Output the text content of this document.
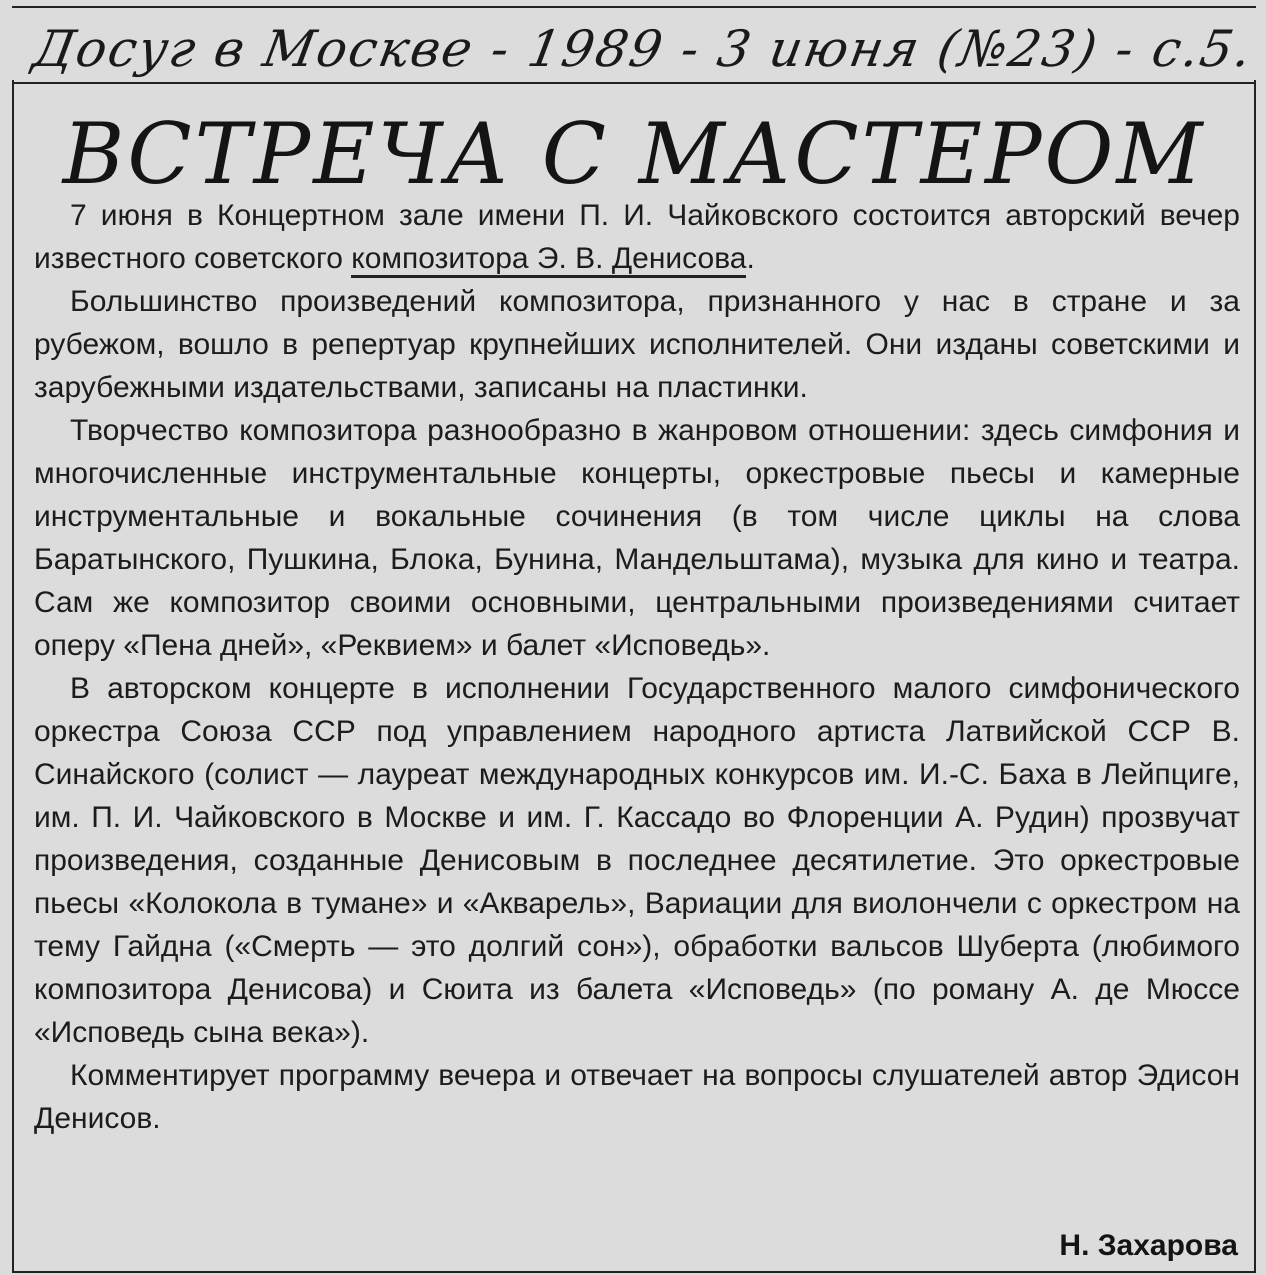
Досуг в Москве - 1989 - 3 июня (№23) - с.5.
ВСТРЕЧА С МАСТЕРОМ

7 июня в Концертном зале имени П. И. Чайковского состоится авторский вечер известного советского композитора Э. В. Денисова.

Большинство произведений композитора, признанного у нас в стране и за рубежом, вошло в репертуар крупнейших исполнителей. Они изданы советскими и зарубежными издательствами, записаны на пластинки.

Творчество композитора разнообразно в жанровом отношении: здесь симфония и многочисленные инструментальные концерты, оркестровые пьесы и камерные инструментальные и вокальные сочинения (в том числе циклы на слова Баратынского, Пушкина, Блока, Бунина, Мандельштама), музыка для кино и театра. Сам же композитор своими основными, центральными произведениями считает оперу «Пена дней», «Реквием» и балет «Исповедь».

В авторском концерте в исполнении Государственного малого симфонического оркестра Союза ССР под управлением народного артиста Латвийской ССР В. Синайского (солист — лауреат международных конкурсов им. И.-С. Баха в Лейпциге, им. П. И. Чайковского в Москве и им. Г. Кассадо во Флоренции А. Рудин) прозвучат произведения, созданные Денисовым в последнее десятилетие. Это оркестровые пьесы «Колокола в тумане» и «Акварель», Вариации для виолончели с оркестром на тему Гайдна («Смерть — это долгий сон»), обработки вальсов Шуберта (любимого композитора Денисова) и Сюита из балета «Исповедь» (по роману А. де Мюссе «Исповедь сына века»).

Комментирует программу вечера и отвечает на вопросы слушателей автор Эдисон Денисов.

Н. Захарова
